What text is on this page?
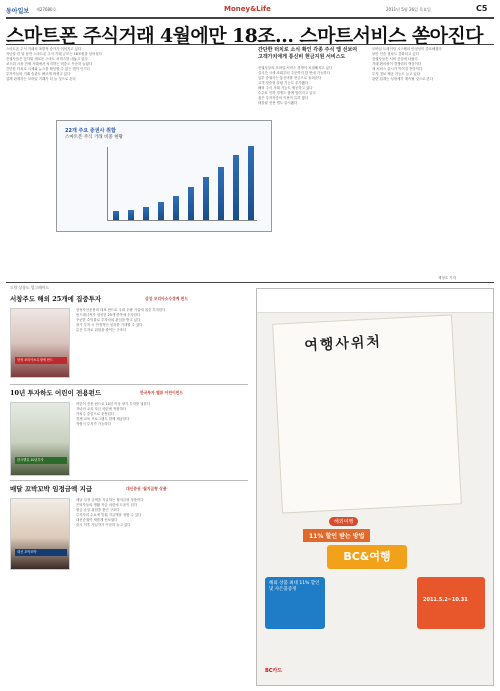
동아일보 제27680호	Money&Life	2011년 5월 26일 목요일	C5
스마트폰 주식거래 4월에만 18조… 스마트서비스 쏟아진다
스마트폰 주식 거래의 폭발적 증가가 이어지고 있다
지난달 한 달 동안 스마트폰 주식 거래 규모는 18조원을 넘어섰다
증권사들은 앞다퉈 새로운 스마트 서비스를 내놓고 있다
코스피 시장 전체 거래에서 차지하는 비중도 꾸준히 늘었다
간단한 터치로 시세와 뉴스를 확인할 수 있는 앱이 인기다
투자자들의 거래 습관도 빠르게 바뀌고 있다
업계 관계자는 모바일 거래가 더 늘 것으로 본다
22개 주요 증권사 취합
스마트폰 주식 거래 비중 현황
간단한 터치로 소식 확인 각종 주식 앱 선보여
고객가치에게 통신비 현금지원 서비스도
증권사들의 모바일 서비스 경쟁이 치열해지고 있다
실시간 시세 조회부터 주문까지 한 번에 가능하다
일부 증권사는 통신비를 현금으로 돌려준다
고객 맞춤형 알림 기능도 추가됐다
해외 주식 거래 기능도 제공하고 있다
수수료 인하 경쟁도 함께 벌어지고 있다
젊은 투자자층의 이용이 특히 많다
태블릿 전용 앱도 출시됐다
모바일 트레이딩 시스템의 안정성이 중요해졌다
보안 인증 절차도 강화되고 있다
증권사들은 서버 증설에 나섰다
거래 편의성이 경쟁력의 핵심이다
새 서비스 출시가 이어질 전망이다
투자 정보 제공 기능도 늘고 있다
관련 업계는 성장세가 계속될 것으로 본다
제정호 기자
드림 상품도 업그레이드
서창주도 해외 25개에 집중투자	삼성 코리아소수정예 펀드
삼성 코리아소수정예 펀드
삼성자산운용의 대표 펀드로 국내 우량 기업에 집중 투자한다
펀드매니저가 엄선한 25개 종목에 투자한다
꾸준한 수익률로 투자자의 관심을 받고 있다
장기 투자 시 안정적인 성과를 기대할 수 있다
분산 투자로 위험을 줄이는 구조다
10년 투자하도 어린이 전용펀드	한국투자 밸류 어린이펀드
한국밸류 10년투자
어린이 전용 펀드로 10년 이상 장기 투자를 권한다
자녀의 교육 자금 마련에 적합하다
가치주 중심으로 운용된다
경제 교육 프로그램도 함께 제공한다
적립식 투자가 가능하다
매달 꼬박꼬박 임정금액 지급	대신증권 '월지급형 상품'
대신 꼬박꼬박
매달 일정 금액을 지급하는 월지급형 상품이다
은퇴자들의 생활 자금 마련에 도움이 된다
원금 손실 위험을 줄인 구조다
투자자의 수요에 맞춰 지급액을 정할 수 있다
대신증권이 새롭게 선보였다
출시 이후 가입자가 꾸준히 늘고 있다
여행사위처
해외여행
11% 할인 받는 방법
BC&여행
해외 상품 최대 11% 할인 및 사은품증정
2011.5.2~10.31
BC카드
